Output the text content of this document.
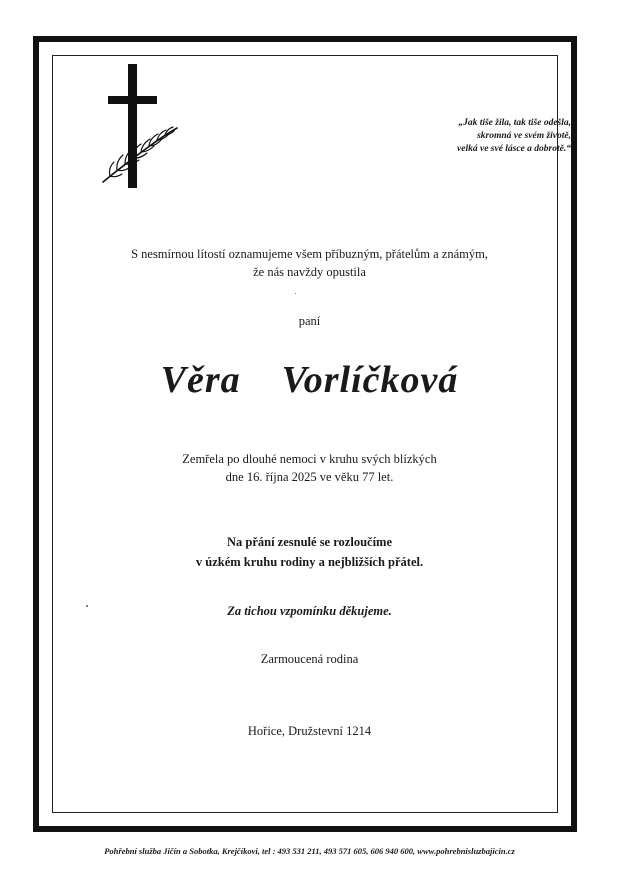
„Jak tiše žila, tak tiše odešla,
skromná ve svém životě,
velká ve své lásce a dobrotě.“
S nesmírnou lítostí oznamujeme všem příbuzným, přátelům a známým,
že nás navždy opustila
paní
Věra  Vorlíčková
Zemřela po dlouhé nemoci v kruhu svých blízkých
dne 16. října 2025 ve věku 77 let.
Na přání zesnulé se rozloučíme
v úzkém kruhu rodiny a nejbližších přátel.
Za tichou vzpomínku děkujeme.
Zarmoucená rodina
Hořice, Družstevní 1214
Pohřební služba Jičín a Sobotka, Krejčíkovi, tel : 493 531 211, 493 571 605, 606 940 600, www.pohrebnisluzbajicin.cz
